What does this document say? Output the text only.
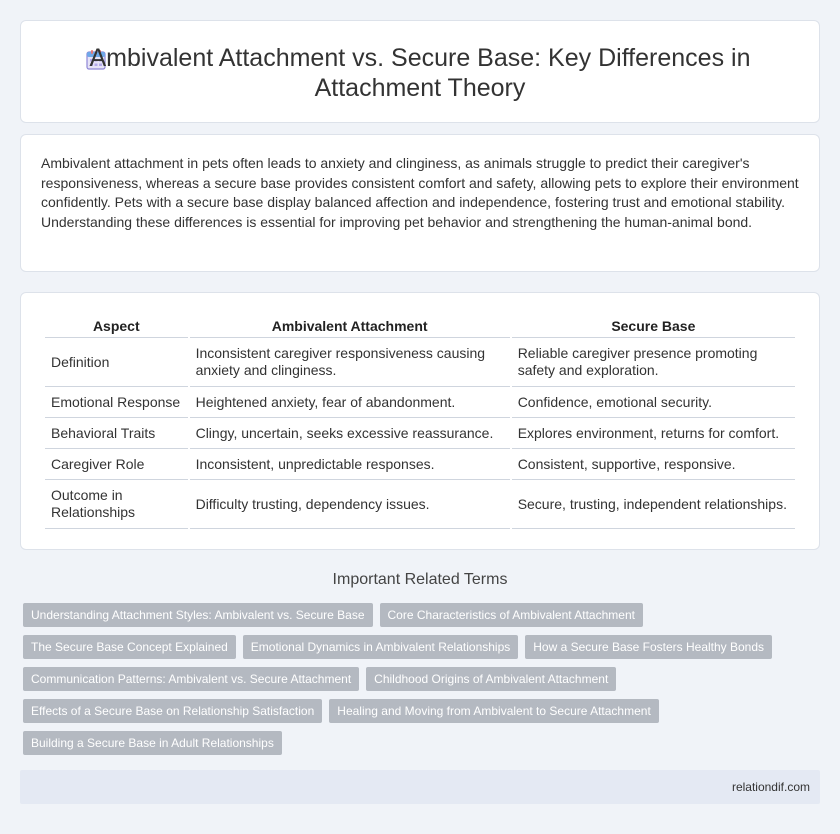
Ambivalent Attachment vs. Secure Base: Key Differences in Attachment Theory

Ambivalent attachment in pets often leads to anxiety and clinginess, as animals struggle to predict their caregiver's responsiveness, whereas a secure base provides consistent comfort and safety, allowing pets to explore their environment confidently. Pets with a secure base display balanced affection and independence, fostering trust and emotional stability. Understanding these differences is essential for improving pet behavior and strengthening the human-animal bond.

Aspect	Ambivalent Attachment	Secure Base
Definition	Inconsistent caregiver responsiveness causing anxiety and clinginess.	Reliable caregiver presence promoting safety and exploration.
Emotional Response	Heightened anxiety, fear of abandonment.	Confidence, emotional security.
Behavioral Traits	Clingy, uncertain, seeks excessive reassurance.	Explores environment, returns for comfort.
Caregiver Role	Inconsistent, unpredictable responses.	Consistent, supportive, responsive.
Outcome in Relationships	Difficulty trusting, dependency issues.	Secure, trusting, independent relationships.
Important Related Terms
Understanding Attachment Styles: Ambivalent vs. Secure Base	Core Characteristics of Ambivalent Attachment
The Secure Base Concept Explained	Emotional Dynamics in Ambivalent Relationships	How a Secure Base Fosters Healthy Bonds
Communication Patterns: Ambivalent vs. Secure Attachment	Childhood Origins of Ambivalent Attachment
Effects of a Secure Base on Relationship Satisfaction	Healing and Moving from Ambivalent to Secure Attachment
Building a Secure Base in Adult Relationships
relationdif.com
